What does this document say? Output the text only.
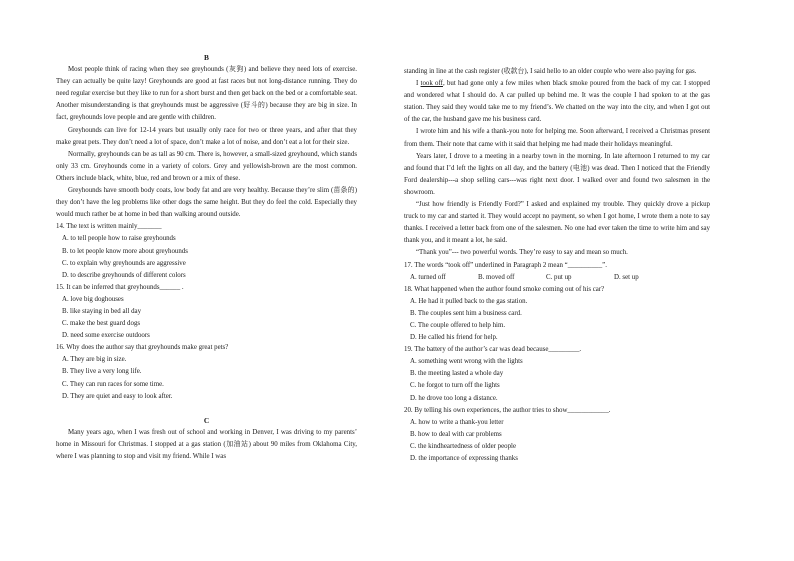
B

Most people think of racing when they see greyhounds (灰狗) and believe they need lots of exercise. They can actually be quite lazy! Greyhounds are good at fast races but not long-distance running. They do need regular exercise but they like to run for a short burst and then get back on the bed or a comfortable seat. Another misunderstanding is that greyhounds must be aggressive (好斗的) because they are big in size. In fact, greyhounds love people and are gentle with children.

Greyhounds can live for 12-14 years but usually only race for two or three years, and after that they make great pets. They don’t need a lot of space, don’t make a lot of noise, and don’t eat a lot for their size.

Normally, greyhounds can be as tall as 90 cm. There is, however, a small-sized greyhound, which stands only 33 cm. Greyhounds come in a variety of colors. Grey and yellowish-brown are the most common. Others include black, white, blue, red and brown or a mix of these.

Greyhounds have smooth body coats, low body fat and are very healthy. Because they’re slim (苗条的) they don’t have the leg problems like other dogs the same height. But they do feel the cold. Especially they would much rather be at home in bed than walking around outside.

14. The text is written mainly_______

A. to tell people how to raise greyhounds

B. to let people know more about greyhounds

C. to explain why greyhounds are aggressive

D. to describe greyhounds of different colors

15. It can be inferred that greyhounds______ .

A. love big doghouses

B. like staying in bed all day

C. make the best guard dogs

D. need some exercise outdoors

16. Why does the author say that greyhounds make great pets?

A. They are big in size.

B. They live a very long life.

C. They can run races for some time.

D. They are quiet and easy to look after.

C

Many years ago, when I was fresh out of school and working in Denver, I was driving to my parents’ home in Missouri for Christmas. I stopped at a gas station (加油站) about 90 miles from Oklahoma City, where I was planning to stop and visit my friend. While I was

standing in line at the cash register (收款台), I said hello to an older couple who were also paying for gas.

I took off, but had gone only a few miles when black smoke poured from the back of my car. I stopped and wondered what I should do. A car pulled up behind me. It was the couple I had spoken to at the gas station. They said they would take me to my friend’s. We chatted on the way into the city, and when I got out of the car, the husband gave me his business card.

I wrote him and his wife a thank-you note for helping me. Soon afterward, I received a Christmas present from them. Their note that came with it said that helping me had made their holidays meaningful.

Years later, I drove to a meeting in a nearby town in the morning. In late afternoon I returned to my car and found that I’d left the lights on all day, and the battery (电池) was dead. Then I noticed that the Friendly Ford dealership---a shop selling cars---was right next door. I walked over and found two salesmen in the showroom.

“Just how friendly is Friendly Ford?” I asked and explained my trouble. They quickly drove a pickup truck to my car and started it. They would accept no payment, so when I got home, I wrote them a note to say thanks. I received a letter back from one of the salesmen. No one had ever taken the time to write him and say thank you, and it meant a lot, he said.

“Thank you”--- two powerful words. They’re easy to say and mean so much.

17. The words “took off” underlined in Paragraph 2 mean “__________”.

A. turned off	B. moved off	C. put up	D. set up

18. What happened when the author found smoke coming out of his car?

A. He had it pulled back to the gas station.

B. The couples sent him a business card.

C. The couple offered to help him.

D. He called his friend for help.

19. The battery of the author’s car was dead because_________.

A. something went wrong with the lights

B. the meeting lasted a whole day

C. he forgot to turn off the lights

D. he drove too long a distance.

20. By telling his own experiences, the author tries to show____________.

A. how to write a thank-you letter

B. how to deal with car problems

C. the kindheartedness of older people

D. the importance of expressing thanks
